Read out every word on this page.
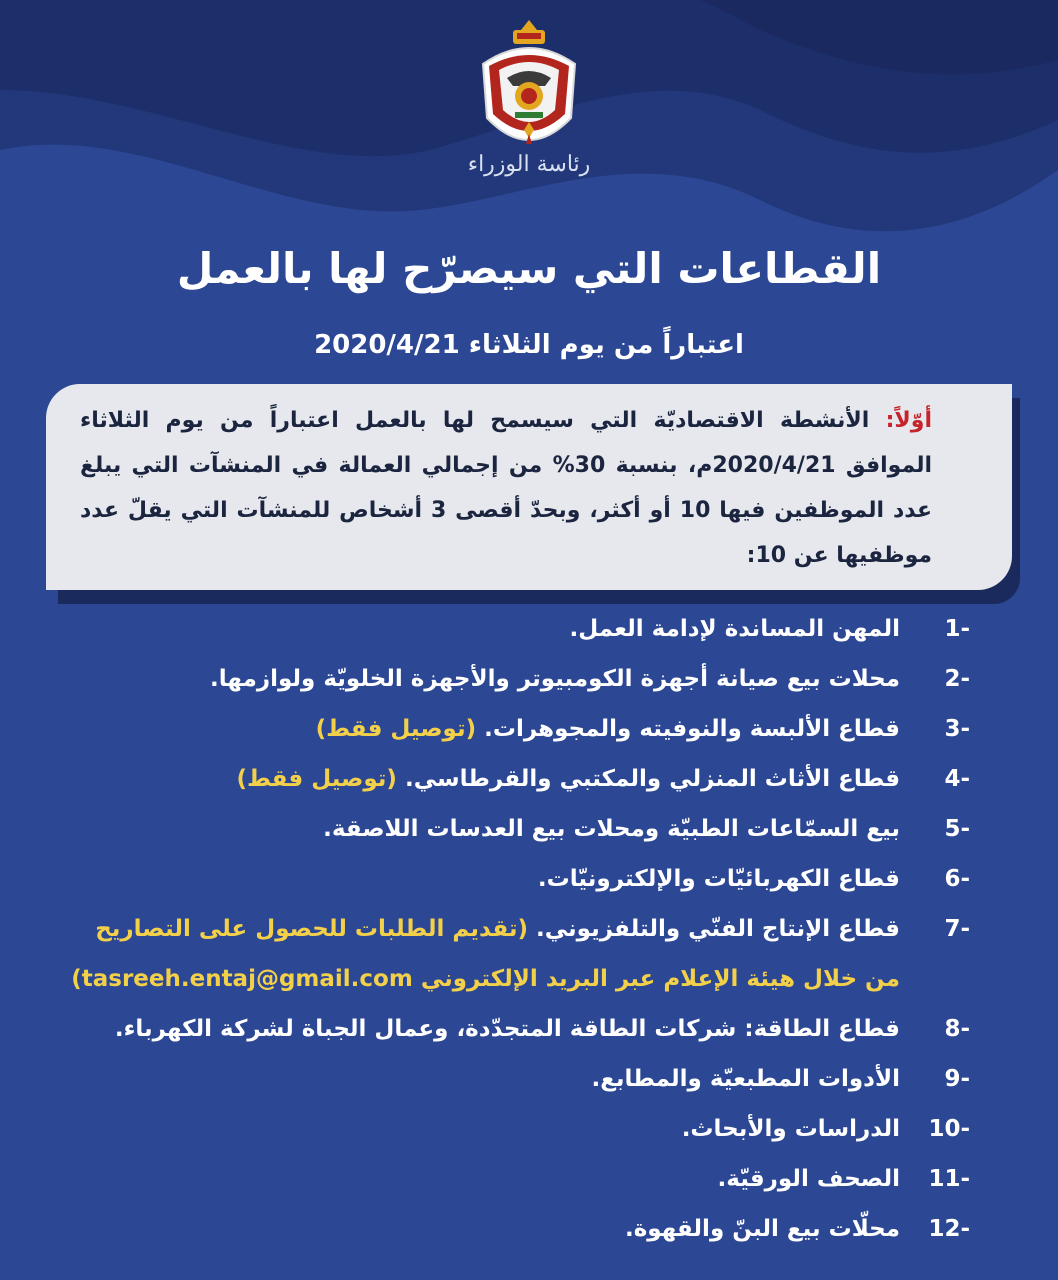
رئاسة الوزراء
القطاعات التي سيصرّح لها بالعمل
اعتباراً من يوم الثلاثاء 2020/4/21
أوّلاً: الأنشطة الاقتصاديّة التي سيسمح لها بالعمل اعتباراً من يوم الثلاثاء الموافق 2020/4/21م، بنسبة 30% من إجمالي العمالة في المنشآت التي يبلغ عدد الموظفين فيها 10 أو أكثر، وبحدّ أقصى 3 أشخاص للمنشآت التي يقلّ عدد موظفيها عن 10:
1-
المهن المساندة لإدامة العمل.
2-
محلات بيع صيانة أجهزة الكومبيوتر والأجهزة الخلويّة ولوازمها.
3-
قطاع الألبسة والنوفيته والمجوهرات. (توصيل فقط)
4-
قطاع الأثاث المنزلي والمكتبي والقرطاسي. (توصيل فقط)
5-
بيع السمّاعات الطبيّة ومحلات بيع العدسات اللاصقة.
6-
قطاع الكهربائيّات والإلكترونيّات.
7-
قطاع الإنتاج الفنّي والتلفزيوني. (تقديم الطلبات للحصول على التصاريح من خلال هيئة الإعلام عبر البريد الإلكتروني tasreeh.entaj@gmail.com)
8-
قطاع الطاقة: شركات الطاقة المتجدّدة، وعمال الجباة لشركة الكهرباء.
9-
الأدوات المطبعيّة والمطابع.
10-
الدراسات والأبحاث.
11-
الصحف الورقيّة.
12-
محلّات بيع البنّ والقهوة.
